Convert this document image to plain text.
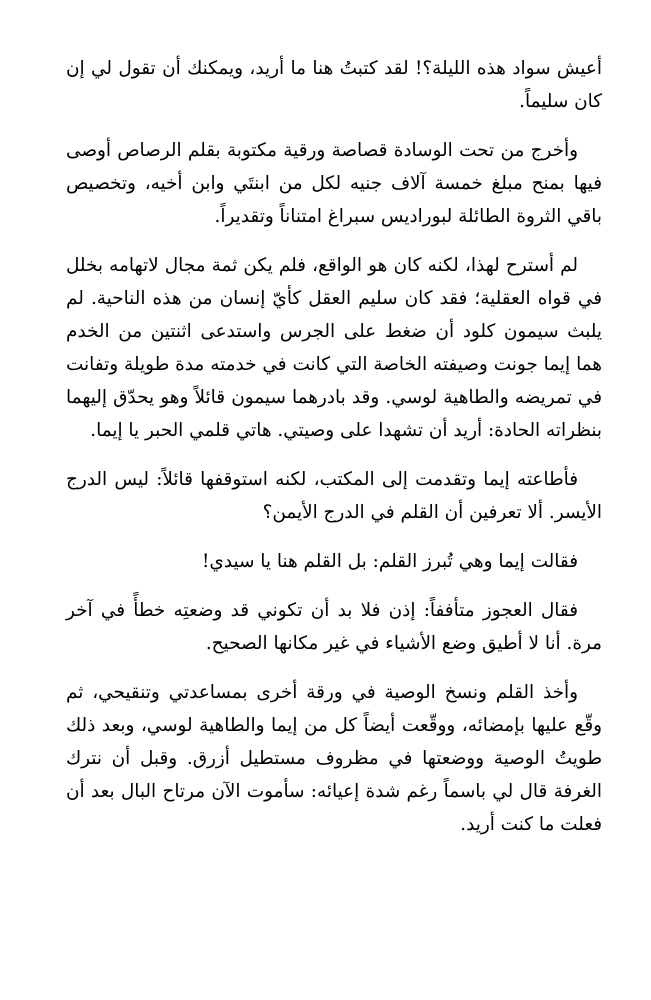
أعيش سواد هذه الليلة؟! لقد كتبتُ هنا ما أريد، ويمكنك أن تقول لي إن كان سليماً.

وأخرج من تحت الوسادة قصاصة ورقية مكتوبة بقلم الرصاص أوصى فيها بمنح مبلغ خمسة آلاف جنيه لكل من ابنتَي وابن أخيه، وتخصيص باقي الثروة الطائلة لبوراديس سبراغ امتناناً وتقديراً.

لم أسترح لهذا، لكنه كان هو الواقع، فلم يكن ثمة مجال لاتهامه بخلل في قواه العقلية؛ فقد كان سليم العقل كأيّ إنسان من هذه الناحية. لم يلبث سيمون كلود أن ضغط على الجرس واستدعى اثنتين من الخدم هما إيما جونت وصيفته الخاصة التي كانت في خدمته مدة طويلة وتفانت في تمريضه والطاهية لوسي. وقد بادرهما سيمون قائلاً وهو يحدّق إليهما بنظراته الحادة: أريد أن تشهدا على وصيتي. هاتي قلمي الحبر يا إيما.

فأطاعته إيما وتقدمت إلى المكتب، لكنه استوقفها قائلاً: ليس الدرج الأيسر. ألا تعرفين أن القلم في الدرج الأيمن؟

فقالت إيما وهي تُبرز القلم: بل القلم هنا يا سيدي!

فقال العجوز متأففاً: إذن فلا بد أن تكوني قد وضعتِه خطأً في آخر مرة. أنا لا أطيق وضع الأشياء في غير مكانها الصحيح.

وأخذ القلم ونسخ الوصية في ورقة أخرى بمساعدتي وتنقيحي، ثم وقّع عليها بإمضائه، ووقّعت أيضاً كل من إيما والطاهية لوسي، وبعد ذلك طويتُ الوصية ووضعتها في مظروف مستطيل أزرق. وقبل أن نترك الغرفة قال لي باسماً رغم شدة إعيائه: سأموت الآن مرتاح البال بعد أن فعلت ما كنت أريد.
